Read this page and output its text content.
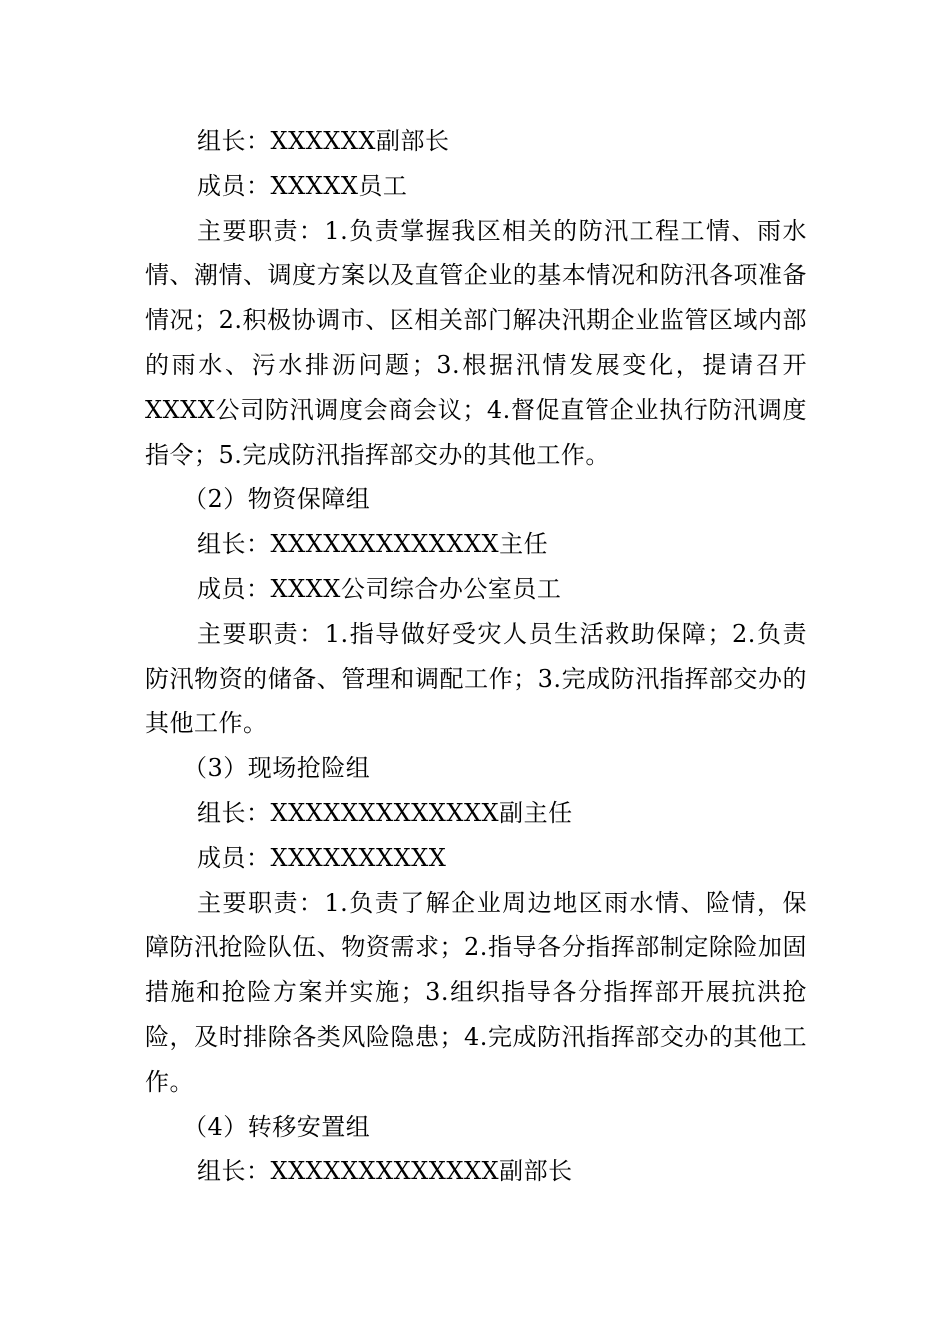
组长：XXXXXX副部长

成员：XXXXX员工

主要职责：1.负责掌握我区相关的防汛工程工情、雨水情、潮情、调度方案以及直管企业的基本情况和防汛各项准备情况；2.积极协调市、区相关部门解决汛期企业监管区域内部的雨水、污水排沥问题；3.根据汛情发展变化，提请召开XXXX公司防汛调度会商会议；4.督促直管企业执行防汛调度指令；5.完成防汛指挥部交办的其他工作。

（2）物资保障组

组长：XXXXXXXXXXXXX主任

成员：XXXX公司综合办公室员工

主要职责：1.指导做好受灾人员生活救助保障；2.负责防汛物资的储备、管理和调配工作；3.完成防汛指挥部交办的其他工作。

（3）现场抢险组

组长：XXXXXXXXXXXXX副主任

成员：XXXXXXXXXX

主要职责：1.负责了解企业周边地区雨水情、险情，保障防汛抢险队伍、物资需求；2.指导各分指挥部制定除险加固措施和抢险方案并实施；3.组织指导各分指挥部开展抗洪抢险，及时排除各类风险隐患；4.完成防汛指挥部交办的其他工作。

（4）转移安置组

组长：XXXXXXXXXXXXX副部长
